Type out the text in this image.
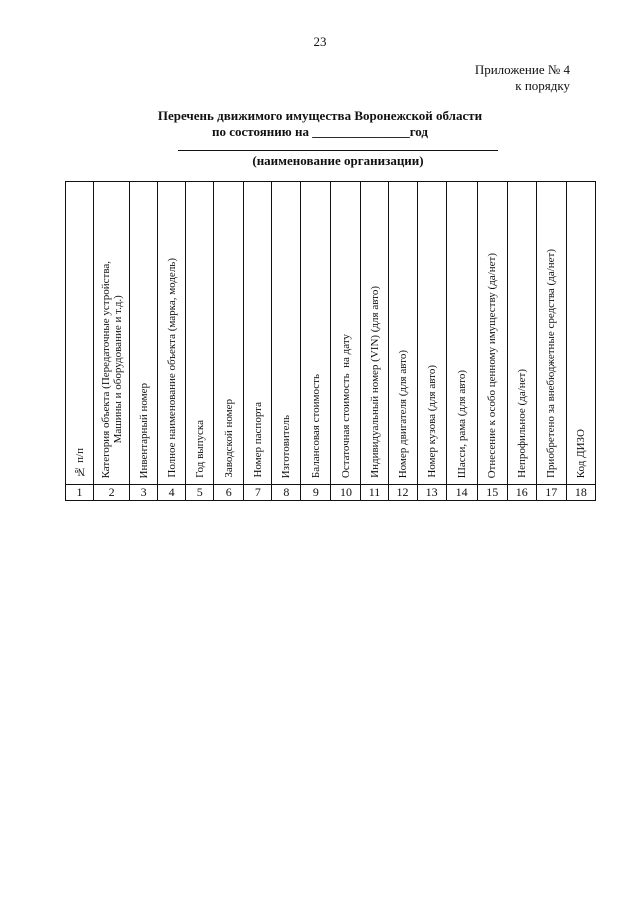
23
Приложение № 4
к порядку
Перечень движимого имущества Воронежской области
по состоянию на _______________год
(наименование организации)
№ п/п	Категория объекта (Передаточные устройства,
Машины и оборудование и т.д.)	Инвентарный номер	Полное наименование объекта (марка, модель)	Год выпуска	Заводской номер	Номер паспорта	Изготовитель	Балансовая стоимость	Остаточная стоимость  на дату	Индивидуальный номер (VIN) (для авто)	Номер двигателя (для авто)	Номер кузова (для авто)	Шасси, рама (для авто)	Отнесение к особо ценному имуществу (да/нет)	Непрофильное (да/нет)	Приобретено за внебюджетные средства (да/нет)	Код ДИЗО

1	2	3	4	5	6	7	8	9	10	11	12	13	14	15	16	17	18
